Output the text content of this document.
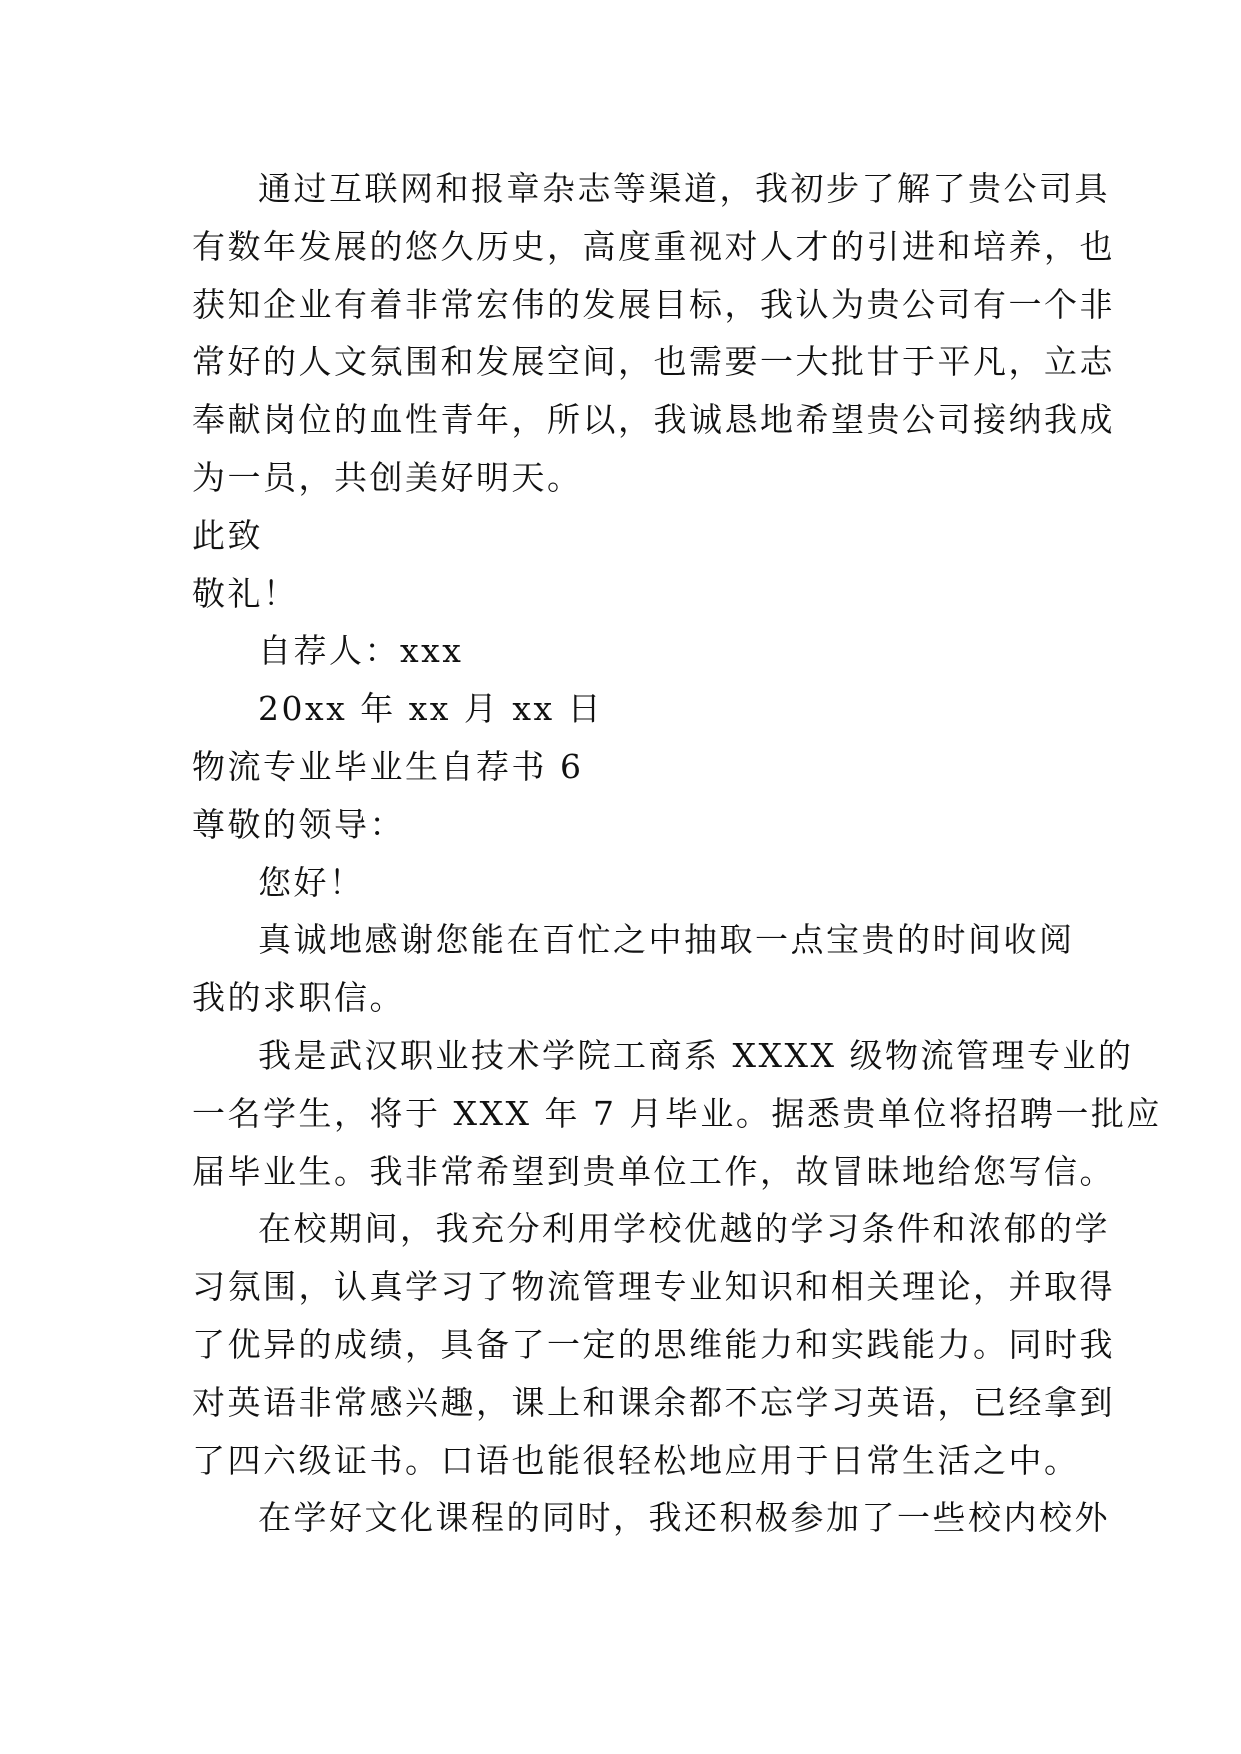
通过互联网和报章杂志等渠道，我初步了解了贵公司具
有数年发展的悠久历史，高度重视对人才的引进和培养，也
获知企业有着非常宏伟的发展目标，我认为贵公司有一个非
常好的人文氛围和发展空间，也需要一大批甘于平凡，立志
奉献岗位的血性青年，所以，我诚恳地希望贵公司接纳我成
为一员，共创美好明天。
此致
敬礼！
自荐人：xxx
20xx 年 xx 月 xx 日
物流专业毕业生自荐书 6
尊敬的领导：
您好！
真诚地感谢您能在百忙之中抽取一点宝贵的时间收阅
我的求职信。
我是武汉职业技术学院工商系 XXXX 级物流管理专业的
一名学生，将于 XXX 年 7 月毕业。据悉贵单位将招聘一批应
届毕业生。我非常希望到贵单位工作，故冒昧地给您写信。
在校期间，我充分利用学校优越的学习条件和浓郁的学
习氛围，认真学习了物流管理专业知识和相关理论，并取得
了优异的成绩，具备了一定的思维能力和实践能力。同时我
对英语非常感兴趣，课上和课余都不忘学习英语，已经拿到
了四六级证书。口语也能很轻松地应用于日常生活之中。
在学好文化课程的同时，我还积极参加了一些校内校外
